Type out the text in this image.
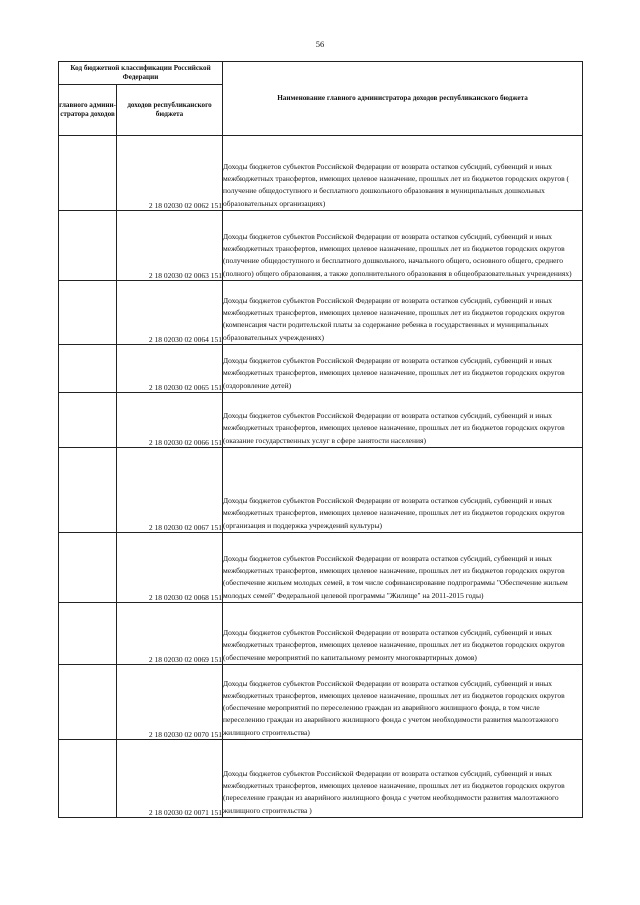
56
Код бюджетной классификации Российской Федерации		Наименование главного администратора доходов республиканского бюджета
главного админи-стратора доходов	доходов республиканского бюджета	
	2 18 02030 02 0062 151	Доходы бюджетов субъектов Российской Федерации от возврата остатков субсидий, субвенций и иных межбюджетных трансфертов, имеющих целевое назначение, прошлых лет из бюджетов городских округов ( получение общедоступного и бесплатного дошкольного образования в муниципальных дошкольных образовательных организациях)
	2 18 02030 02 0063 151	Доходы бюджетов субъектов Российской Федерации от возврата остатков субсидий, субвенций и иных межбюджетных трансфертов, имеющих целевое назначение, прошлых лет из бюджетов городских округов (получение общедоступного и бесплатного дошкольного, начального общего, основного общего, среднего (полного) общего образования, а также дополнительного образования в общеобразовательных учреждениях)
	2 18 02030 02 0064 151	Доходы бюджетов субъектов Российской Федерации от возврата остатков субсидий, субвенций и иных межбюджетных трансфертов, имеющих целевое назначение, прошлых лет из бюджетов городских округов (компенсация части родительской платы за содержание ребенка в государственных и муниципальных образовательных учреждениях)
	2 18 02030 02 0065 151	Доходы бюджетов субъектов Российской Федерации от возврата остатков субсидий, субвенций и иных межбюджетных трансфертов, имеющих целевое назначение, прошлых лет из бюджетов городских округов (оздоровление детей)
	2 18 02030 02 0066 151	Доходы бюджетов субъектов Российской Федерации от возврата остатков субсидий, субвенций и иных межбюджетных трансфертов, имеющих целевое назначение, прошлых лет из бюджетов городских округов (оказание государственных услуг в сфере занятости населения)
	2 18 02030 02 0067 151	Доходы бюджетов субъектов Российской Федерации от возврата остатков субсидий, субвенций и иных межбюджетных трансфертов, имеющих целевое назначение, прошлых лет из бюджетов городских округов (организация и поддержка учреждений культуры)
	2 18 02030 02 0068 151	Доходы бюджетов субъектов Российской Федерации от возврата остатков субсидий, субвенций и иных межбюджетных трансфертов, имеющих целевое назначение, прошлых лет из бюджетов городских округов (обеспечение жильем молодых семей, в том числе софинансирование подпрограммы "Обеспечение жильем молодых семей" Федеральной целевой программы "Жилище" на 2011-2015 годы)
	2 18 02030 02 0069 151	Доходы бюджетов субъектов Российской Федерации от возврата остатков субсидий, субвенций и иных межбюджетных трансфертов, имеющих целевое назначение, прошлых лет из бюджетов городских округов (обеспечение мероприятий по капитальному ремонту многоквартирных домов)
	2 18 02030 02 0070 151	Доходы бюджетов субъектов Российской Федерации от возврата остатков субсидий, субвенций и иных межбюджетных трансфертов, имеющих целевое назначение, прошлых лет из бюджетов городских округов (обеспечение мероприятий по переселению граждан из аварийного жилищного фонда, в том числе переселению граждан из аварийного жилищного фонда с учетом необходимости развития малоэтажного жилищного строительства)
	2 18 02030 02 0071 151	Доходы бюджетов субъектов Российской Федерации от возврата остатков субсидий, субвенций и иных межбюджетных трансфертов, имеющих целевое назначение, прошлых лет из бюджетов городских округов (переселение граждан из аварийного жилищного фонда с учетом необходимости развития малоэтажного жилищного строительства )
